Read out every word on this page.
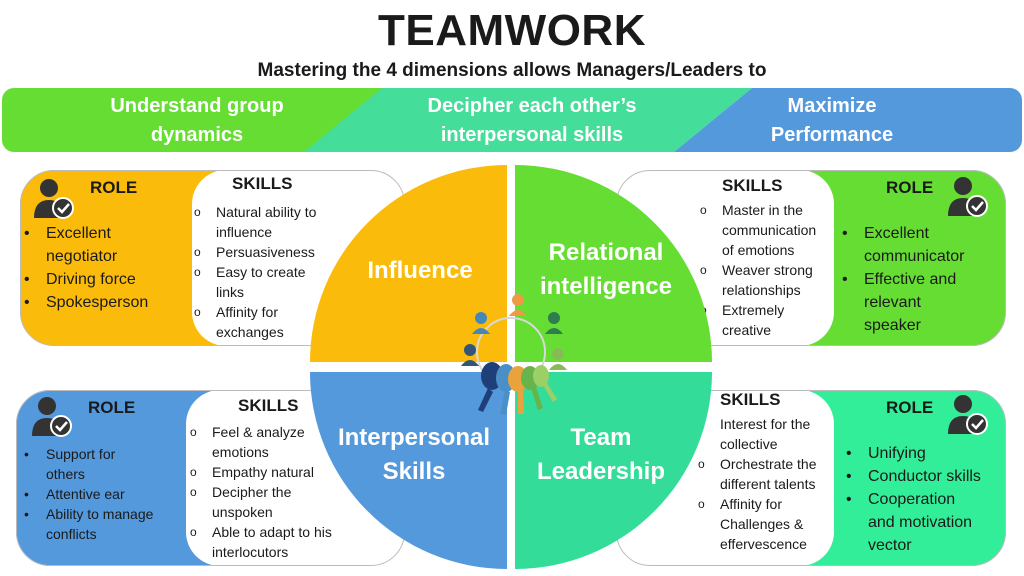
TEAMWORK
Mastering the 4 dimensions allows Managers/Leaders to
Understand group
dynamics
Decipher each other’s
interpersonal skills
Maximize
Performance
ROLE
• Excellent
negotiator
• Driving force
• Spokesperson
SKILLS
o Natural ability to
influence
o Persuasiveness
o Easy to create
links
o Affinity for
exchanges
SKILLS
o Master in the
communication
of emotions
o Weaver strong
relationships
o Extremely
creative
ROLE
• Excellent
communicator
• Effective and
relevant
speaker
ROLE
• Support for
others
• Attentive ear
• Ability to manage
conflicts
SKILLS
o Feel & analyze
emotions
o Empathy natural
o Decipher the
unspoken
o Able to adapt to his
interlocutors
SKILLS
o Interest for the
collective
o Orchestrate the
different talents
o Affinity for
Challenges &
effervescence
ROLE
• Unifying
• Conductor skills
• Cooperation
and motivation
vector
Influence
Relational
intelligence
Interpersonal
Skills
Team
Leadership
